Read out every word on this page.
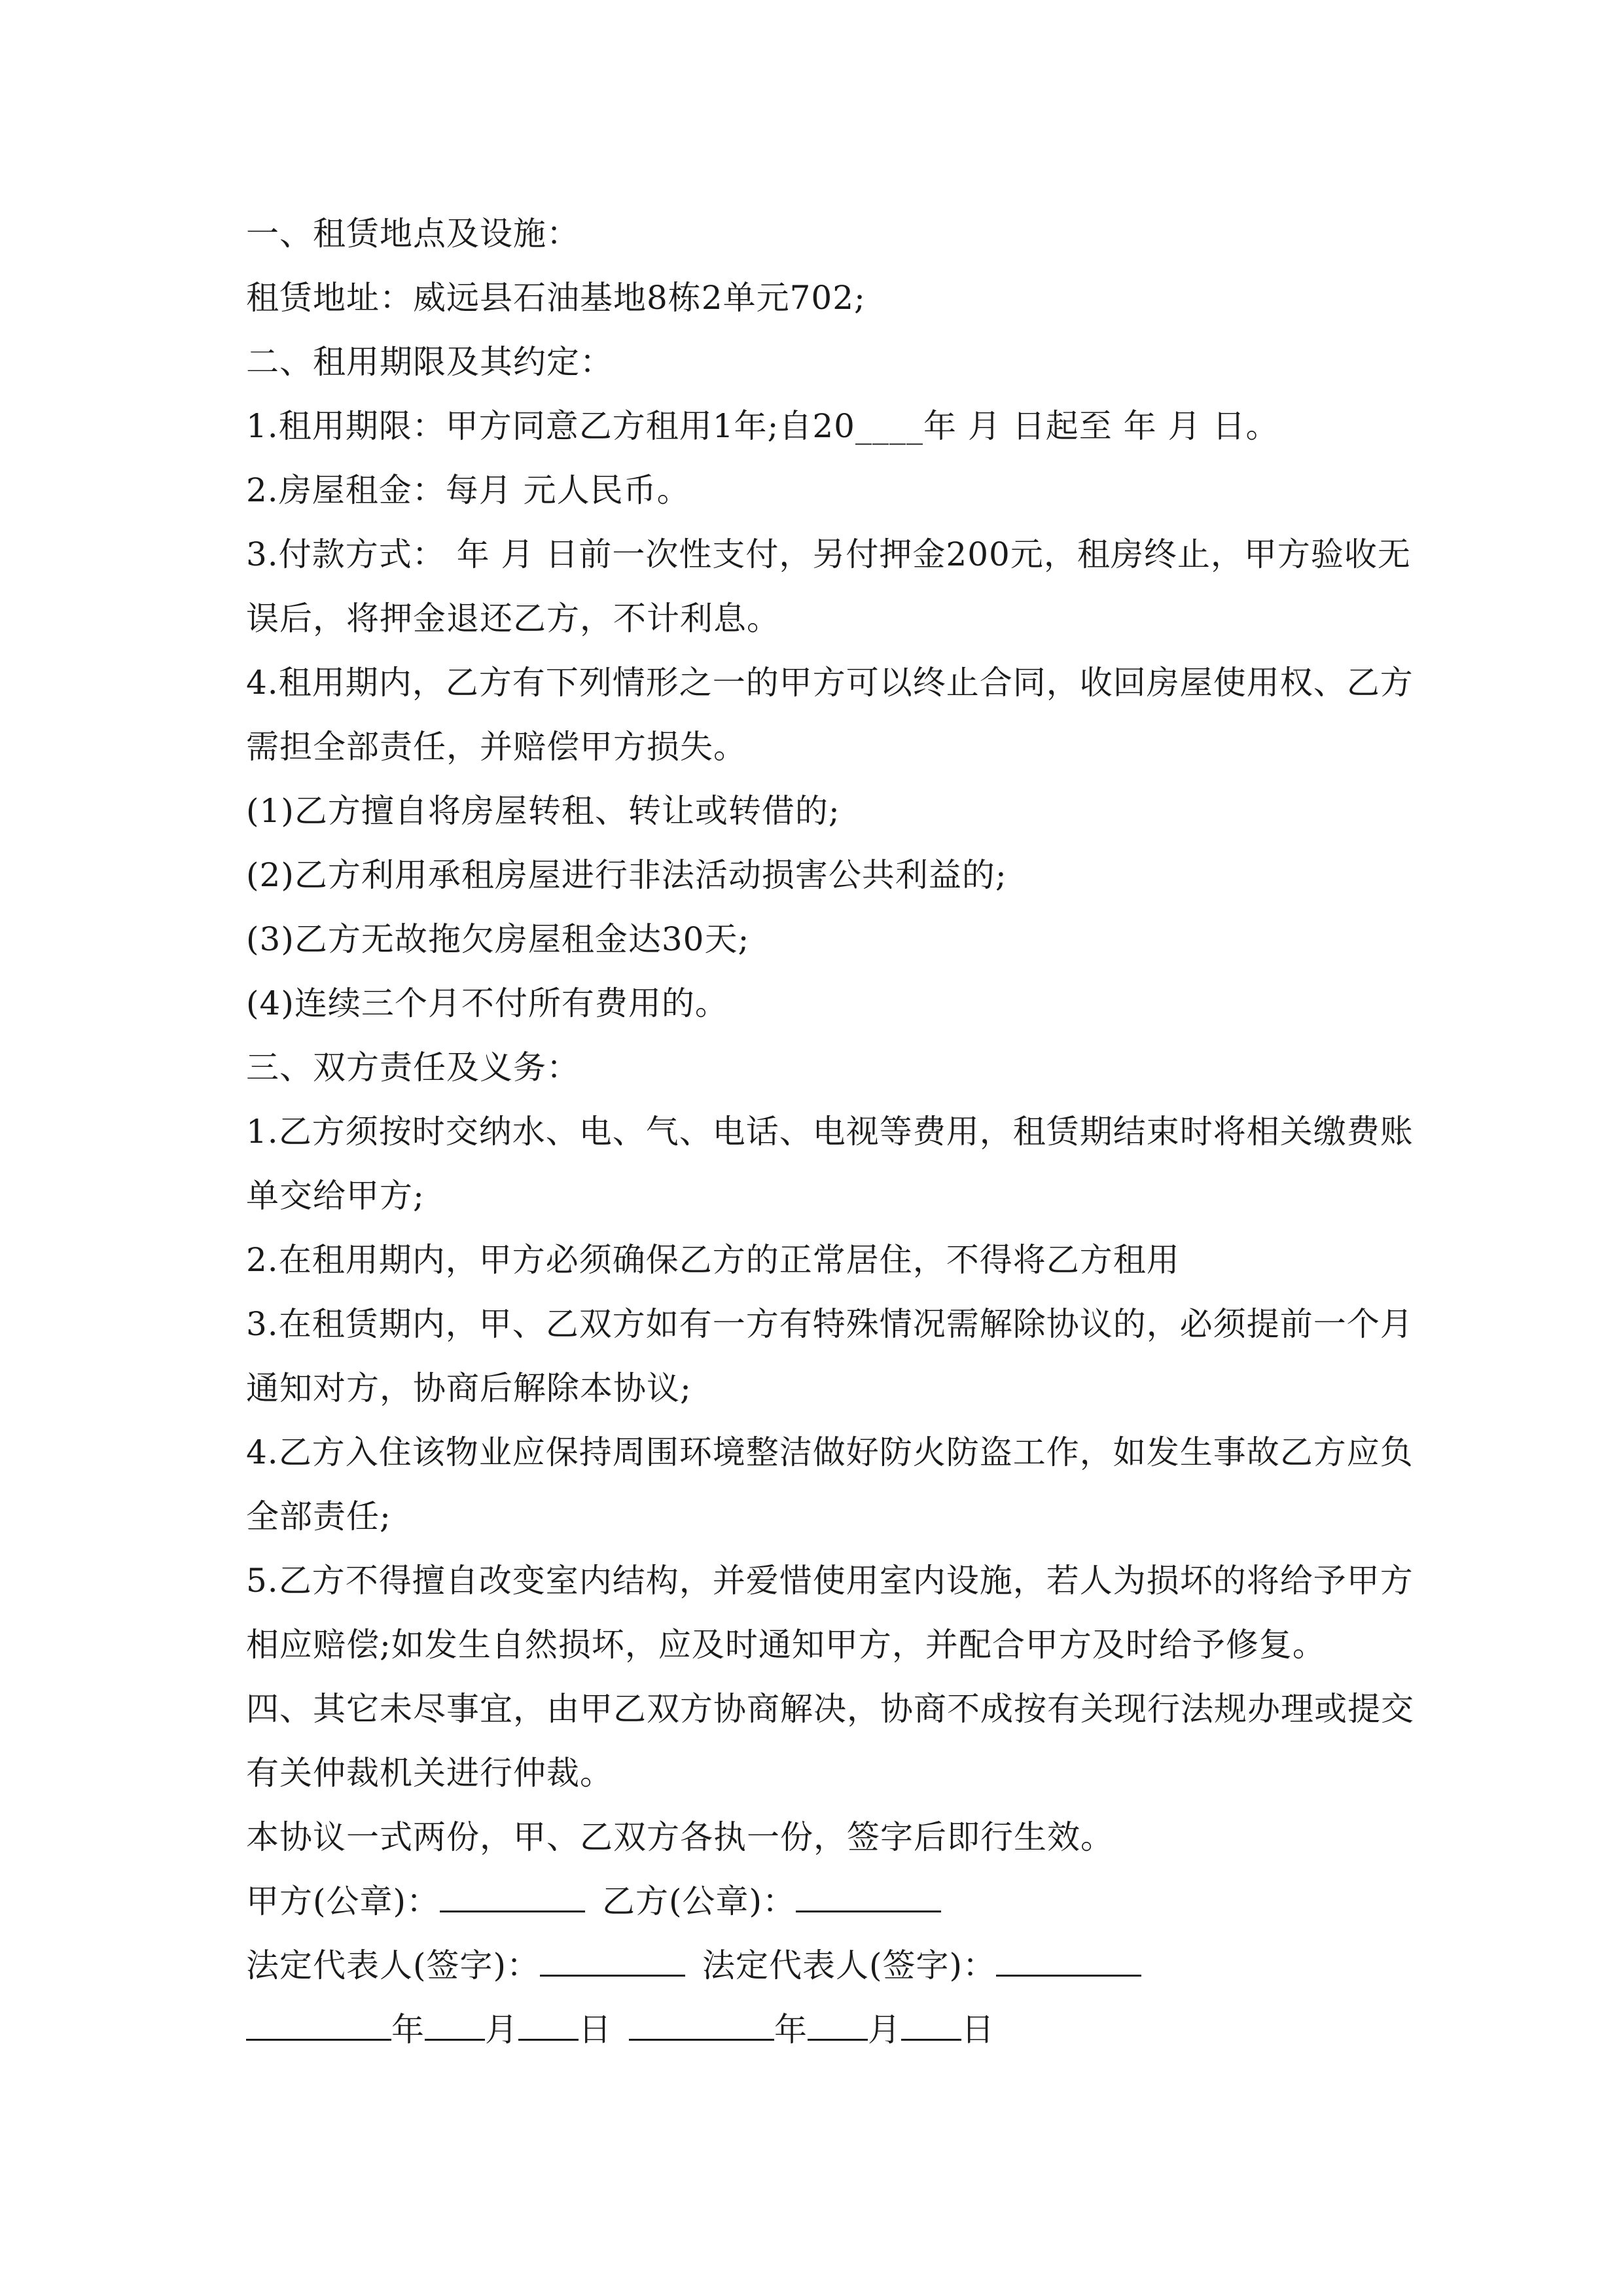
一、租赁地点及设施：
租赁地址：威远县石油基地8栋2单元702;
二、租用期限及其约定：
1.租用期限：甲方同意乙方租用1年;自20____年 月 日起至 年 月 日。
2.房屋租金：每月 元人民币。
3.付款方式： 年 月 日前一次性支付，另付押金200元，租房终止，甲方验收无
误后，将押金退还乙方，不计利息。
4.租用期内，乙方有下列情形之一的甲方可以终止合同，收回房屋使用权、乙方
需担全部责任，并赔偿甲方损失。
(1)乙方擅自将房屋转租、转让或转借的;
(2)乙方利用承租房屋进行非法活动损害公共利益的;
(3)乙方无故拖欠房屋租金达30天;
(4)连续三个月不付所有费用的。
三、双方责任及义务：
1.乙方须按时交纳水、电、气、电话、电视等费用，租赁期结束时将相关缴费账
单交给甲方;
2.在租用期内，甲方必须确保乙方的正常居住，不得将乙方租用
3.在租赁期内，甲、乙双方如有一方有特殊情况需解除协议的，必须提前一个月
通知对方，协商后解除本协议;
4.乙方入住该物业应保持周围环境整洁做好防火防盗工作，如发生事故乙方应负
全部责任;
5.乙方不得擅自改变室内结构，并爱惜使用室内设施，若人为损坏的将给予甲方
相应赔偿;如发生自然损坏，应及时通知甲方，并配合甲方及时给予修复。
四、其它未尽事宜，由甲乙双方协商解决，协商不成按有关现行法规办理或提交
有关仲裁机关进行仲裁。
本协议一式两份，甲、乙双方各执一份，签字后即行生效。
甲方(公章)：	乙方(公章)：
法定代表人(签字)：	法定代表人(签字)：
年 月 日	年 月 日
